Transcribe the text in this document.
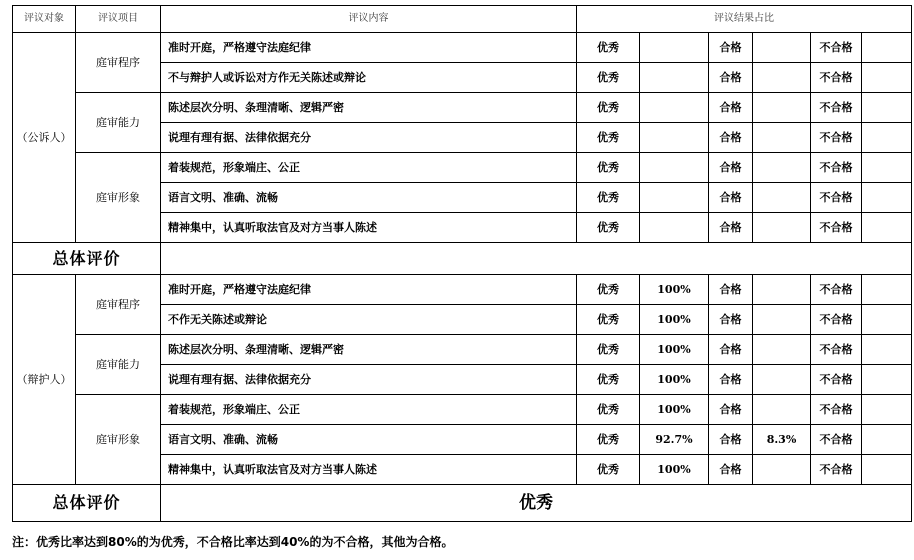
评议对象	评议项目	评议内容	评议结果占比					
（公诉人）	庭审程序	准时开庭，严格遵守法庭纪律	优秀		合格		不合格	
		不与辩护人或诉讼对方作无关陈述或辩论	优秀		合格		不合格	
	庭审能力	陈述层次分明、条理清晰、逻辑严密	优秀		合格		不合格	
		说理有理有据、法律依据充分	优秀		合格		不合格	
	庭审形象	着装规范，形象端庄、公正	优秀		合格		不合格	
		语言文明、准确、流畅	优秀		合格		不合格	
		精神集中，认真听取法官及对方当事人陈述	优秀		合格		不合格	
总体评价								
（辩护人）	庭审程序	准时开庭，严格遵守法庭纪律	优秀	100%	合格		不合格	
		不作无关陈述或辩论	优秀	100%	合格		不合格	
	庭审能力	陈述层次分明、条理清晰、逻辑严密	优秀	100%	合格		不合格	
		说理有理有据、法律依据充分	优秀	100%	合格		不合格	
	庭审形象	着装规范，形象端庄、公正	优秀	100%	合格		不合格	
		语言文明、准确、流畅	优秀	92.7%	合格	8.3%	不合格	
		精神集中，认真听取法官及对方当事人陈述	优秀	100%	合格		不合格	
总体评价		优秀						
注：优秀比率达到80%的为优秀，不合格比率达到40%的为不合格，其他为合格。
